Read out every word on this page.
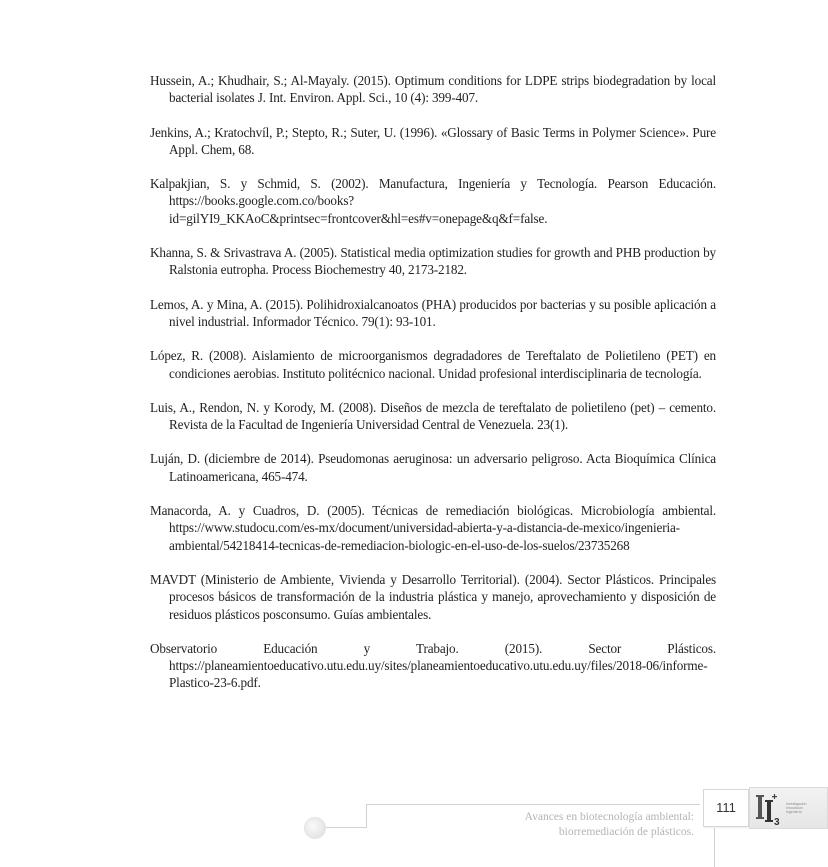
Hussein, A.; Khudhair, S.; Al-Mayaly. (2015). Optimum conditions for LDPE strips biodegradation by local bacterial isolates J. Int. Environ. Appl. Sci., 10 (4): 399-407.

Jenkins, A.; Kratochvíl, P.; Stepto, R.; Suter, U. (1996). «Glossary of Basic Terms in Polymer Science». Pure Appl. Chem, 68.

Kalpakjian, S. y Schmid, S. (2002). Manufactura, Ingeniería y Tecnología. Pearson Educación. https://books.google.com.co/books?id=gilYI9_KKAoC&printsec=frontcover&hl=es#v=onepage&q&f=false.

Khanna, S. & Srivastrava A. (2005). Statistical media optimization studies for growth and PHB production by Ralstonia eutropha. Process Biochemestry 40, 2173-2182.

Lemos, A. y Mina, A. (2015). Polihidroxialcanoatos (PHA) producidos por bacterias y su posible aplicación a nivel industrial. Informador Técnico. 79(1): 93-101.

López, R. (2008). Aislamiento de microorganismos degradadores de Tereftalato de Polietileno (PET) en condiciones aerobias. Instituto politécnico nacional. Unidad profesional interdisciplinaria de tecnología.

Luis, A., Rendon, N. y Korody, M. (2008). Diseños de mezcla de tereftalato de polietileno (pet) – cemento. Revista de la Facultad de Ingeniería Universidad Central de Venezuela. 23(1).

Luján, D. (diciembre de 2014). Pseudomonas aeruginosa: un adversario peligroso. Acta Bioquímica Clínica Latinoamericana, 465-474.

Manacorda, A. y Cuadros, D. (2005). Técnicas de remediación biológicas. Microbiología ambiental. https://www.studocu.com/es-mx/document/universidad-abierta-y-a-distancia-de-mexico/ingenieria-ambiental/54218414-tecnicas-de-remediacion-biologic-en-el-uso-de-los-suelos/23735268

MAVDT (Ministerio de Ambiente, Vivienda y Desarrollo Territorial). (2004). Sector Plásticos. Principales procesos básicos de transformación de la industria plástica y manejo, aprovechamiento y disposición de residuos plásticos posconsumo. Guías ambientales.

Observatorio Educación y Trabajo. (2015). Sector Plásticos. https://planeamientoeducativo.utu.edu.uy/sites/planeamientoeducativo.utu.edu.uy/files/2018-06/informe-Plastico-23-6.pdf.

Avances en biotecnología ambiental:
biorremediación de plásticos.
111
3
Investigación
Innovación
Ingeniería
